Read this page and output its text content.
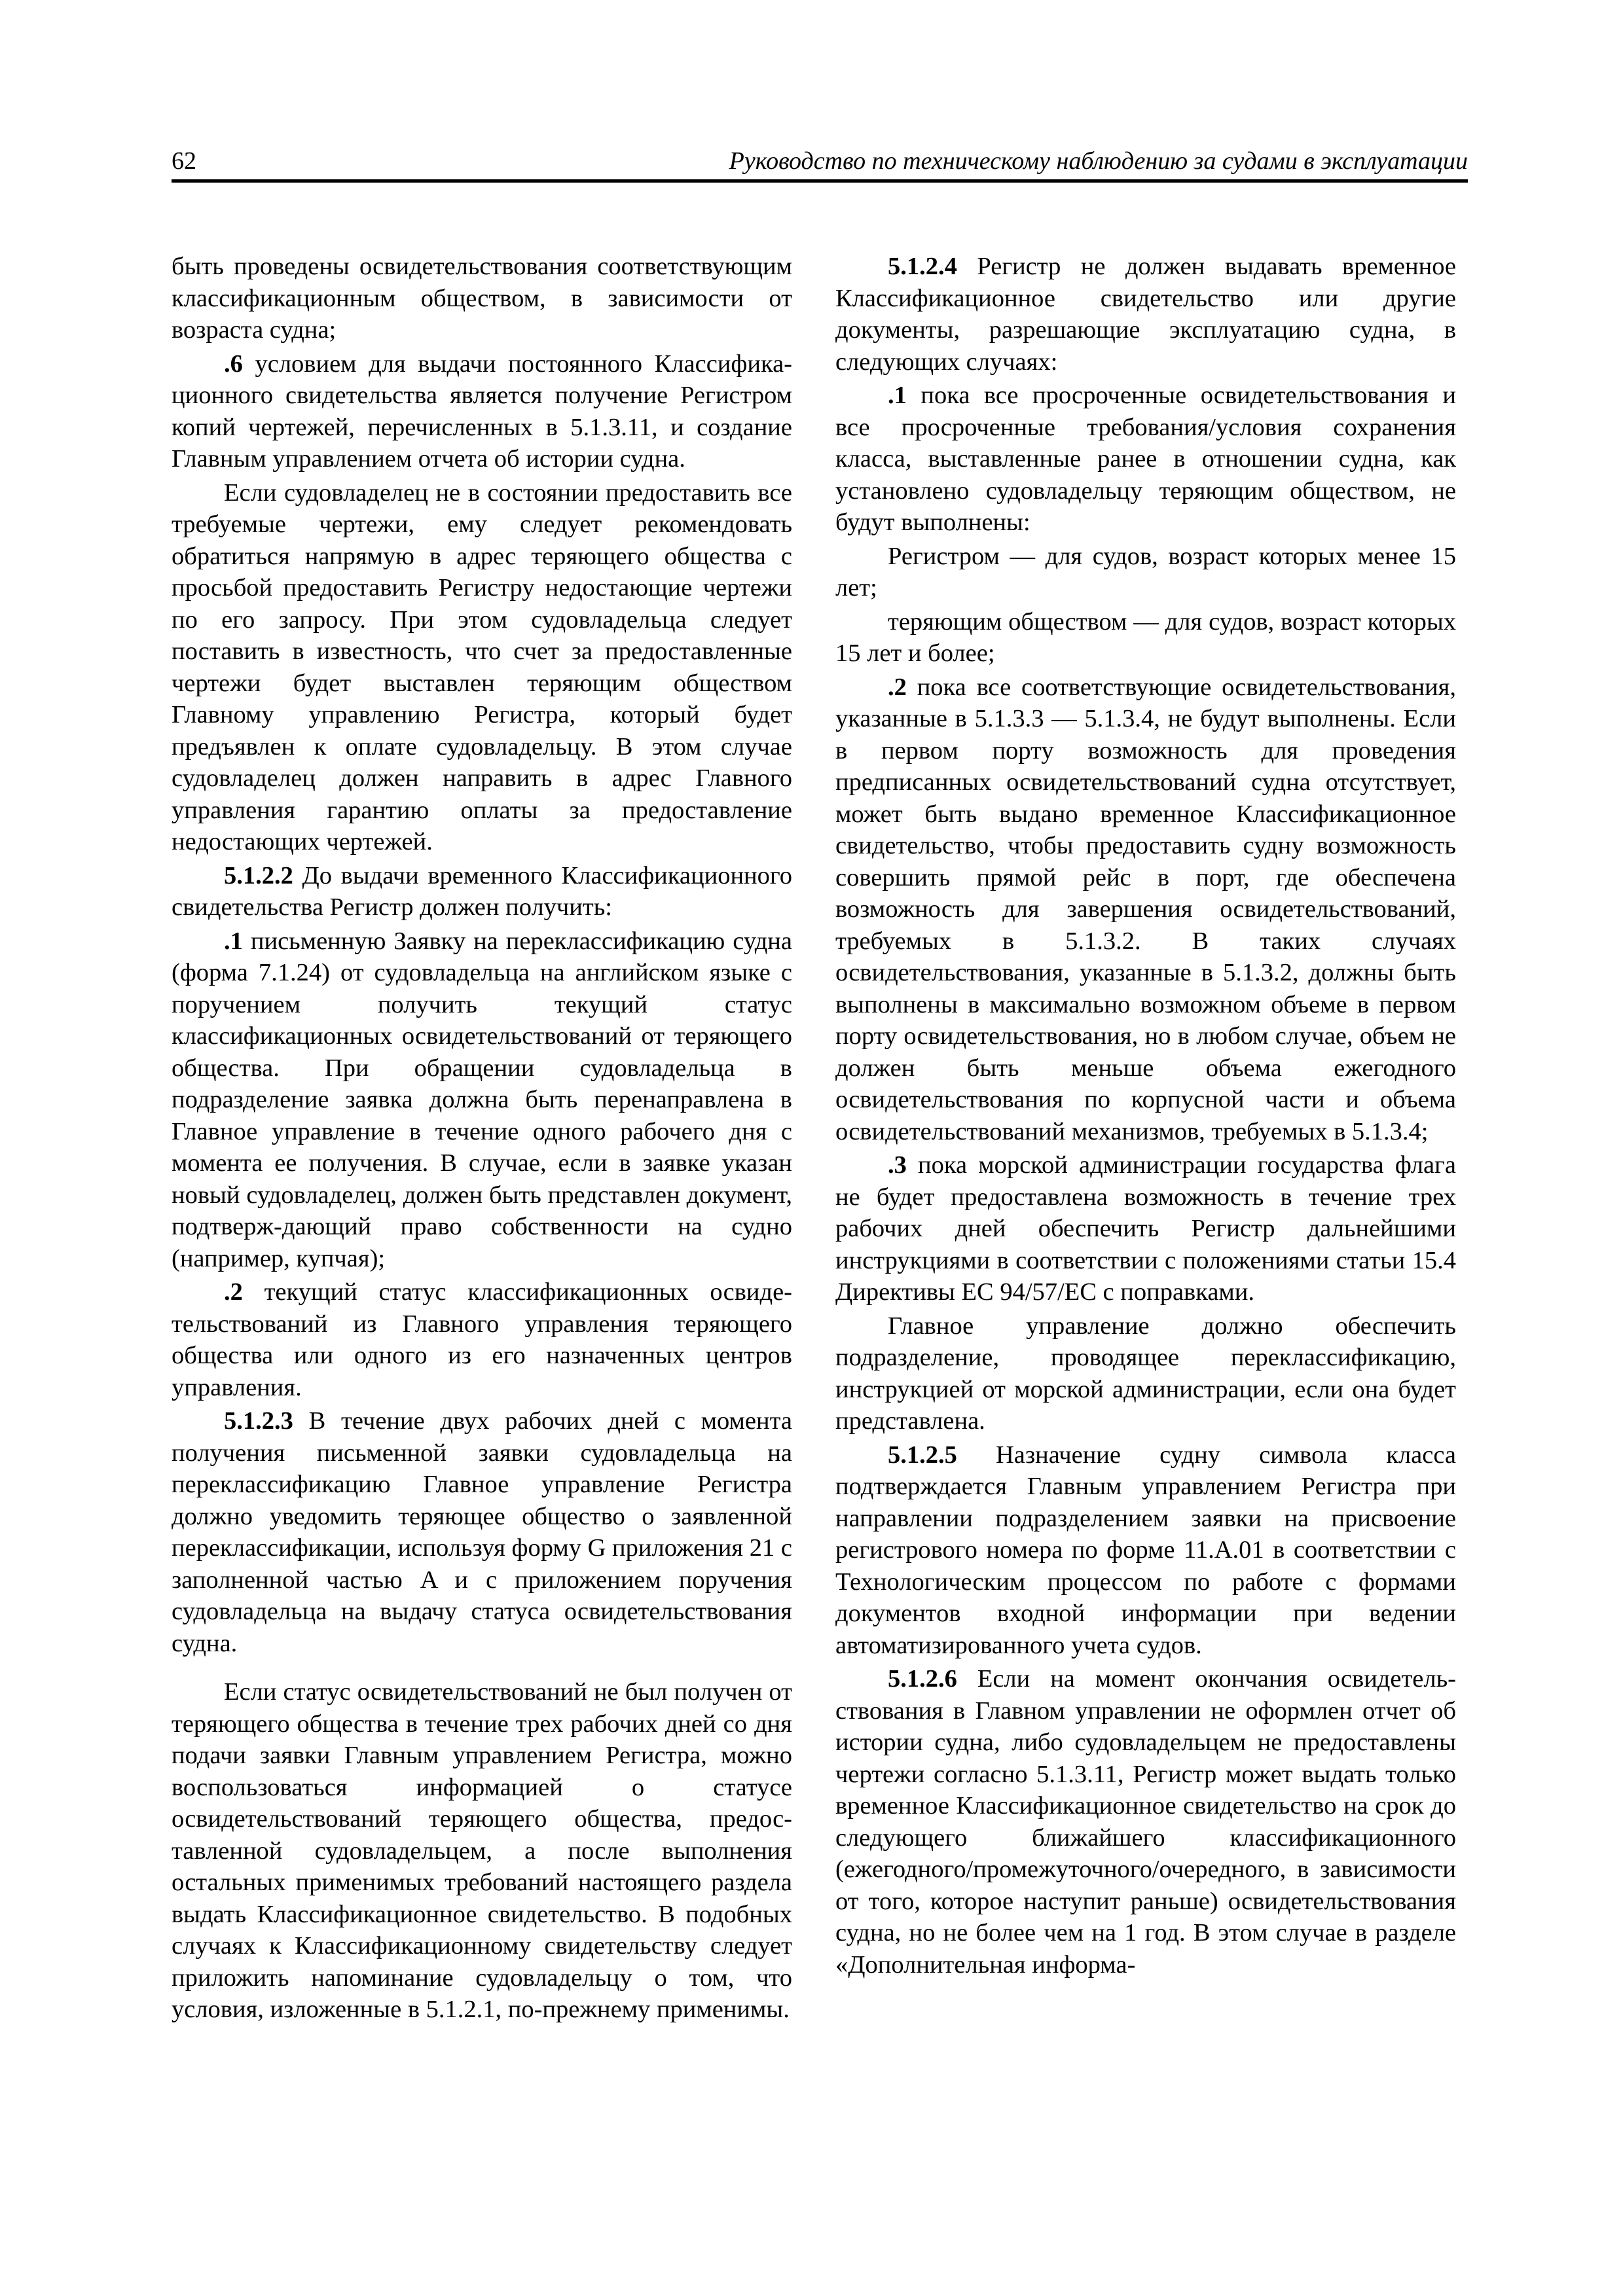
62	Руководство по техническому наблюдению за судами в эксплуатации

быть проведены освидетельствования соответствующим классификационным обществом, в зависимости от возраста судна;

.6 условием для выдачи постоянного Классификационного свидетельства является получение Регистром копий чертежей, перечисленных в 5.1.3.11, и создание Главным управлением отчета об истории судна.

Если судовладелец не в состоянии предоставить все требуемые чертежи, ему следует рекомендовать обратиться напрямую в адрес теряющего общества с просьбой предоставить Регистру недостающие чертежи по его запросу. При этом судовладельца следует поставить в известность, что счет за предоставленные чертежи будет выставлен теряющим обществом Главному управлению Регистра, который будет предъявлен к оплате судовладельцу. В этом случае судовладелец должен направить в адрес Главного управления гарантию оплаты за предоставление недостающих чертежей.

5.1.2.2 До выдачи временного Классификационного свидетельства Регистр должен получить:

.1 письменную Заявку на переклассификацию судна (форма 7.1.24) от судовладельца на английском языке с поручением получить текущий статус классификационных освидетельствований от теряющего общества. При обращении судовладельца в подразделение заявка должна быть перенаправлена в Главное управление в течение одного рабочего дня с момента ее получения. В случае, если в заявке указан новый судовладелец, должен быть представлен документ, подтверж-дающий право собственности на судно (например, купчая);

.2 текущий статус классификационных освидетельствований из Главного управления теряющего общества или одного из его назначенных центров управления.

5.1.2.3 В течение двух рабочих дней с момента получения письменной заявки судовладельца на переклассификацию Главное управление Регистра должно уведомить теряющее общество о заявленной переклассификации, используя форму G приложения 21 с заполненной частью A и с приложением поручения судовладельца на выдачу статуса освидетельствования судна.

Если статус освидетельствований не был получен от теряющего общества в течение трех рабочих дней со дня подачи заявки Главным управлением Регистра, можно воспользоваться информацией о статусе освидетельствований теряющего общества, предоставленной судовладельцем, а после выполнения остальных применимых требований настоящего раздела выдать Классификационное свидетельство. В подобных случаях к Классификационному свидетельству следует приложить напоминание судовладельцу о том, что условия, изложенные в 5.1.2.1, по-прежнему применимы.

5.1.2.4 Регистр не должен выдавать временное Классификационное свидетельство или другие документы, разрешающие эксплуатацию судна, в следующих случаях:

.1 пока все просроченные освидетельствования и все просроченные требования/условия сохранения класса, выставленные ранее в отношении судна, как установлено судовладельцу теряющим обществом, не будут выполнены:

Регистром — для судов, возраст которых менее 15 лет;

теряющим обществом — для судов, возраст которых 15 лет и более;

.2 пока все соответствующие освидетельствования, указанные в 5.1.3.3 — 5.1.3.4, не будут выполнены. Если в первом порту возможность для проведения предписанных освидетельствований судна отсутствует, может быть выдано временное Классификационное свидетельство, чтобы предоставить судну возможность совершить прямой рейс в порт, где обеспечена возможность для завершения освидетельствований, требуемых в 5.1.3.2. В таких случаях освидетельствования, указанные в 5.1.3.2, должны быть выполнены в максимально возможном объеме в первом порту освидетельствования, но в любом случае, объем не должен быть меньше объема ежегодного освидетельствования по корпусной части и объема освидетельствований механизмов, требуемых в 5.1.3.4;

.3 пока морской администрации государства флага не будет предоставлена возможность в течение трех рабочих дней обеспечить Регистр дальнейшими инструкциями в соответствии с положениями статьи 15.4 Директивы ЕС 94/57/ЕС с поправками.

Главное управление должно обеспечить подразделение, проводящее переклассификацию, инструкцией от морской администрации, если она будет представлена.

5.1.2.5 Назначение судну символа класса подтверждается Главным управлением Регистра при направлении подразделением заявки на присвоение регистрового номера по форме 11.А.01 в соответствии с Технологическим процессом по работе с формами документов входной информации при ведении автоматизированного учета судов.

5.1.2.6 Если на момент окончания освидетельствования в Главном управлении не оформлен отчет об истории судна, либо судовладельцем не предоставлены чертежи согласно 5.1.3.11, Регистр может выдать только временное Классификационное свидетельство на срок до следующего ближайшего классификационного (ежегодного/промежуточного/очередного, в зависимости от того, которое наступит раньше) освидетельствования судна, но не более чем на 1 год. В этом случае в разделе «Дополнительная информа-
